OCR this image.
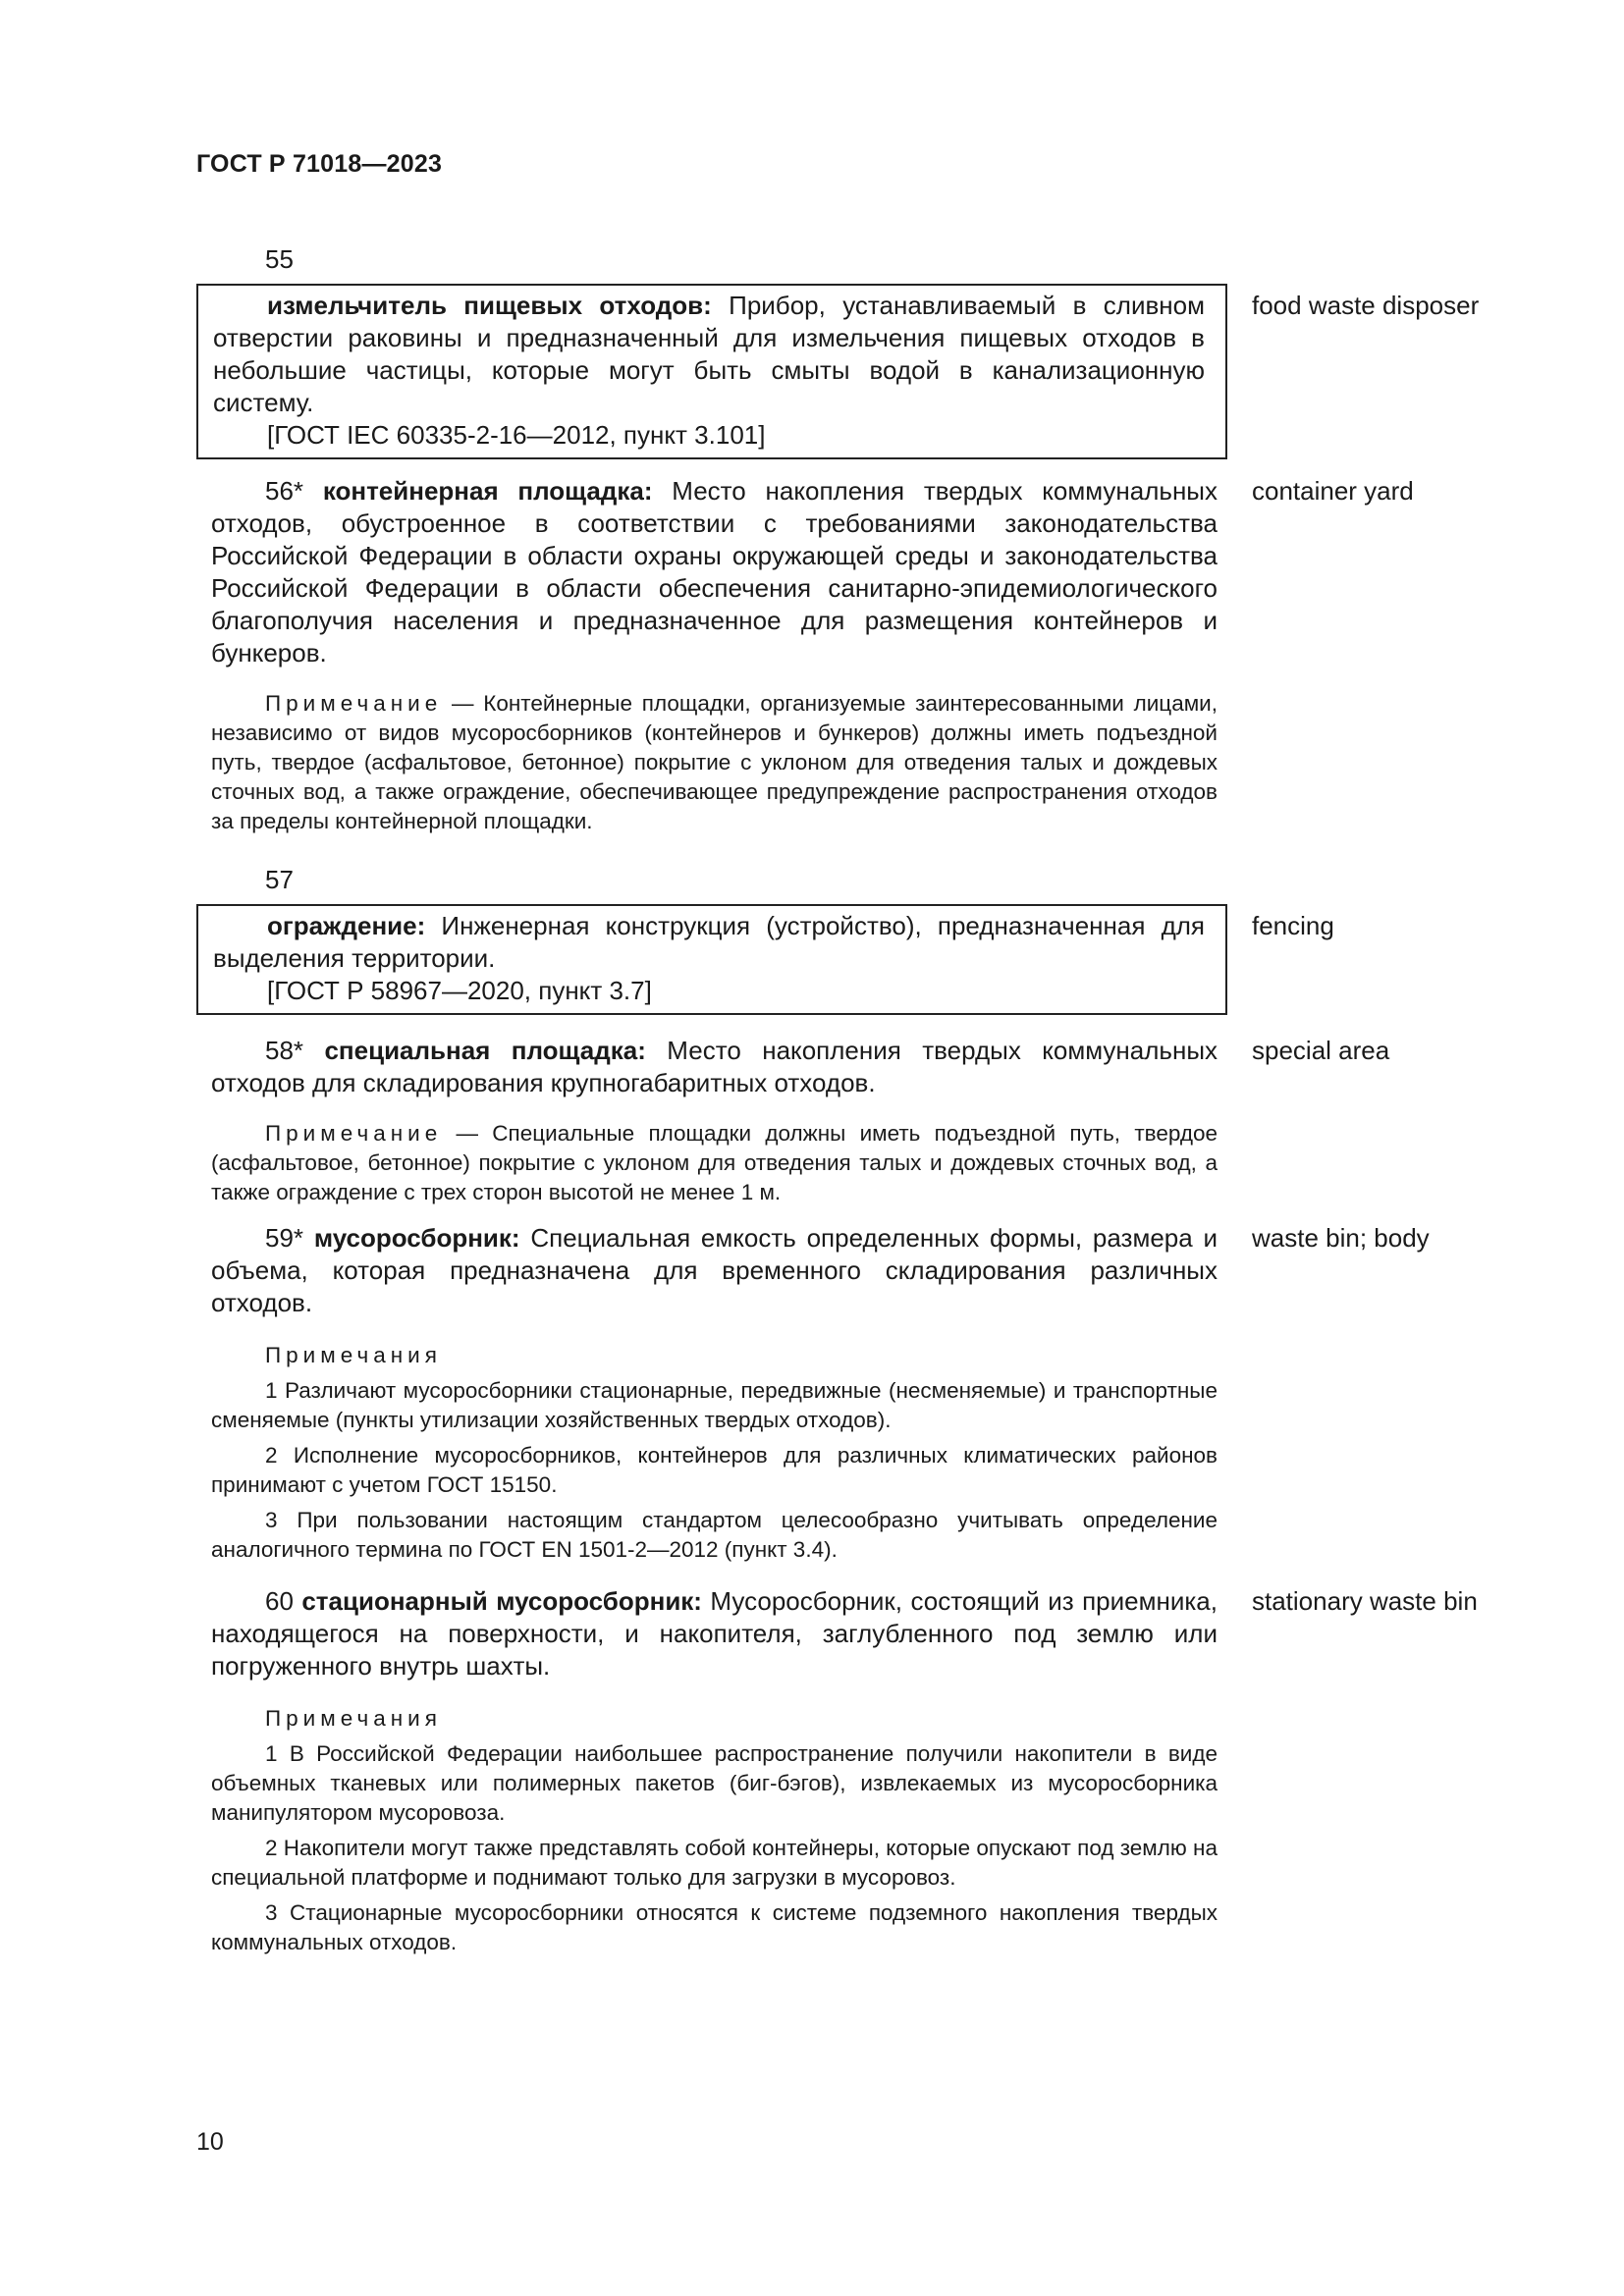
ГОСТ Р 71018—2023
55
измельчитель пищевых отходов: Прибор, устанавливаемый в сливном отверстии раковины и предназначенный для измельчения пищевых отходов в небольшие частицы, которые могут быть смыты водой в канализационную систему.
[ГОСТ IEC 60335-2-16—2012, пункт 3.101]
food waste disposer
56* контейнерная площадка: Место накопления твердых коммунальных отходов, обустроенное в соответствии с требованиями законодательства Российской Федерации в области охраны окружающей среды и законодательства Российской Федерации в области обеспечения санитарно-эпидемиологического благополучия населения и предназначенное для размещения контейнеров и бункеров.
container yard
Примечание — Контейнерные площадки, организуемые заинтересованными лицами, независимо от видов мусоросборников (контейнеров и бункеров) должны иметь подъездной путь, твердое (асфальтовое, бетонное) покрытие с уклоном для отведения талых и дождевых сточных вод, а также ограждение, обеспечивающее предупреждение распространения отходов за пределы контейнерной площадки.
57
ограждение: Инженерная конструкция (устройство), предназначенная для выделения территории.
[ГОСТ Р 58967—2020, пункт 3.7]
fencing
58* специальная площадка: Место накопления твердых коммунальных отходов для складирования крупногабаритных отходов.
special area
Примечание — Специальные площадки должны иметь подъездной путь, твердое (асфальтовое, бетонное) покрытие с уклоном для отведения талых и дождевых сточных вод, а также ограждение с трех сторон высотой не менее 1 м.
59* мусоросборник: Специальная емкость определенных формы, размера и объема, которая предназначена для временного складирования различных отходов.
waste bin; body
Примечания
1 Различают мусоросборники стационарные, передвижные (несменяемые) и транспортные сменяемые (пункты утилизации хозяйственных твердых отходов).
2 Исполнение мусоросборников, контейнеров для различных климатических районов принимают с учетом ГОСТ 15150.
3 При пользовании настоящим стандартом целесообразно учитывать определение аналогичного термина по ГОСТ EN 1501-2—2012 (пункт 3.4).
60 стационарный мусоросборник: Мусоросборник, состоящий из приемника, находящегося на поверхности, и накопителя, заглубленного под землю или погруженного внутрь шахты.
stationary waste bin
Примечания
1 В Российской Федерации наибольшее распространение получили накопители в виде объемных тканевых или полимерных пакетов (биг-бэгов), извлекаемых из мусоросборника манипулятором мусоровоза.
2 Накопители могут также представлять собой контейнеры, которые опускают под землю на специальной платформе и поднимают только для загрузки в мусоровоз.
3 Стационарные мусоросборники относятся к системе подземного накопления твердых коммунальных отходов.
10
